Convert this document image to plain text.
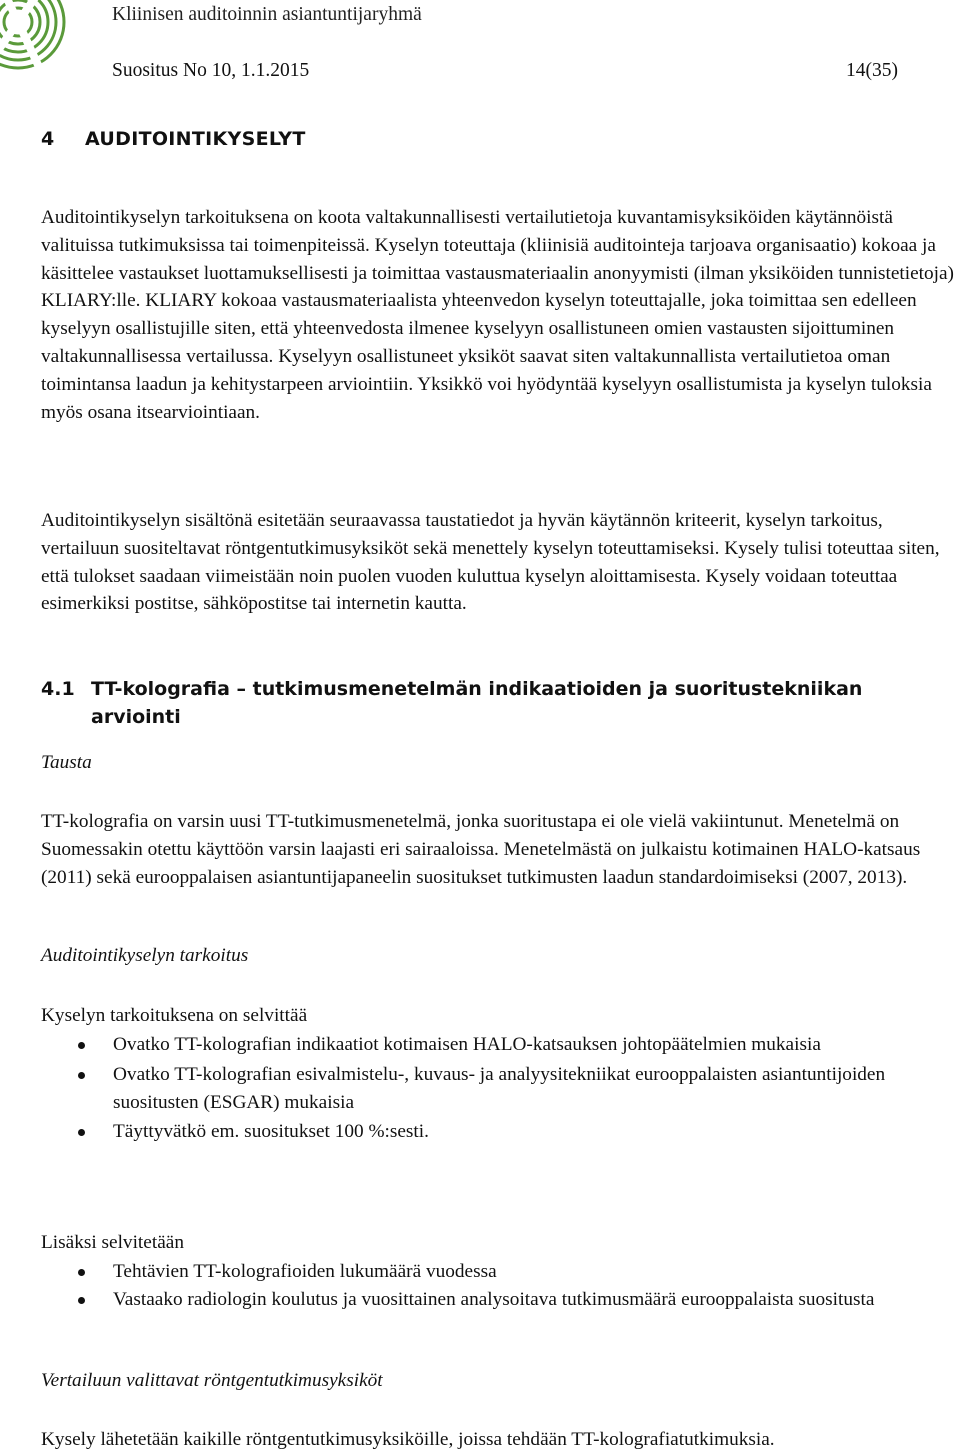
Kliinisen auditoinnin asiantuntijaryhmä
Suositus No 10, 1.1.2015	14(35)
4 AUDITOINTIKYSELYT

Auditointikyselyn tarkoituksena on koota valtakunnallisesti vertailutietoja kuvantamisyksiköiden käytännöistä valituissa tutkimuksissa tai toimenpiteissä. Kyselyn toteuttaja (kliinisiä auditointeja tarjoava organisaatio) kokoaa ja käsittelee vastaukset luottamuksellisesti ja toimittaa vastausmateriaalin anonyymisti (ilman yksiköiden tunnistetietoja) KLIARY:lle. KLIARY kokoaa vastausmateriaalista yhteenvedon kyselyn toteuttajalle, joka toimittaa sen edelleen kyselyyn osallistujille siten, että yhteenvedosta ilmenee kyselyyn osallistuneen omien vastausten sijoittuminen valtakunnallisessa vertailussa. Kyselyyn osallistuneet yksiköt saavat siten valtakunnallista vertailutietoa oman toimintansa laadun ja kehitystarpeen arviointiin. Yksikkö voi hyödyntää kyselyyn osallistumista ja kyselyn tuloksia myös osana itsearviointiaan.

Auditointikyselyn sisältönä esitetään seuraavassa taustatiedot ja hyvän käytännön kriteerit, kyselyn tarkoitus, vertailuun suositeltavat röntgentutkimusyksiköt sekä menettely kyselyn toteuttamiseksi. Kysely tulisi toteuttaa siten, että tulokset saadaan viimeistään noin puolen vuoden kuluttua kyselyn aloittamisesta. Kysely voidaan toteuttaa esimerkiksi postitse, sähköpostitse tai internetin kautta.

4.1 TT-kolografia – tutkimusmenetelmän indikaatioiden ja suoritustekniikan
arviointi
Tausta

TT-kolografia on varsin uusi TT-tutkimusmenetelmä, jonka suoritustapa ei ole vielä vakiintunut. Menetelmä on Suomessakin otettu käyttöön varsin laajasti eri sairaaloissa. Menetelmästä on julkaistu kotimainen HALO-katsaus (2011) sekä eurooppalaisen asiantuntijapaneelin suositukset tutkimusten laadun standardoimiseksi (2007, 2013).

Auditointikyselyn tarkoitus

Kyselyn tarkoituksena on selvittää

Ovatko TT-kolografian indikaatiot kotimaisen HALO-katsauksen johtopäätelmien mukaisia
Ovatko TT-kolografian esivalmistelu-, kuvaus- ja analyysitekniikat eurooppalaisten asiantuntijoiden suositusten (ESGAR) mukaisia
Täyttyvätkö em. suositukset 100 %:sesti.

Lisäksi selvitetään

Tehtävien TT-kolografioiden lukumäärä vuodessa
Vastaako radiologin koulutus ja vuosittainen analysoitava tutkimusmäärä eurooppalaista suositusta
Vertailuun valittavat röntgentutkimusyksiköt

Kysely lähetetään kaikille röntgentutkimusyksiköille, joissa tehdään TT-kolografiatutkimuksia.
